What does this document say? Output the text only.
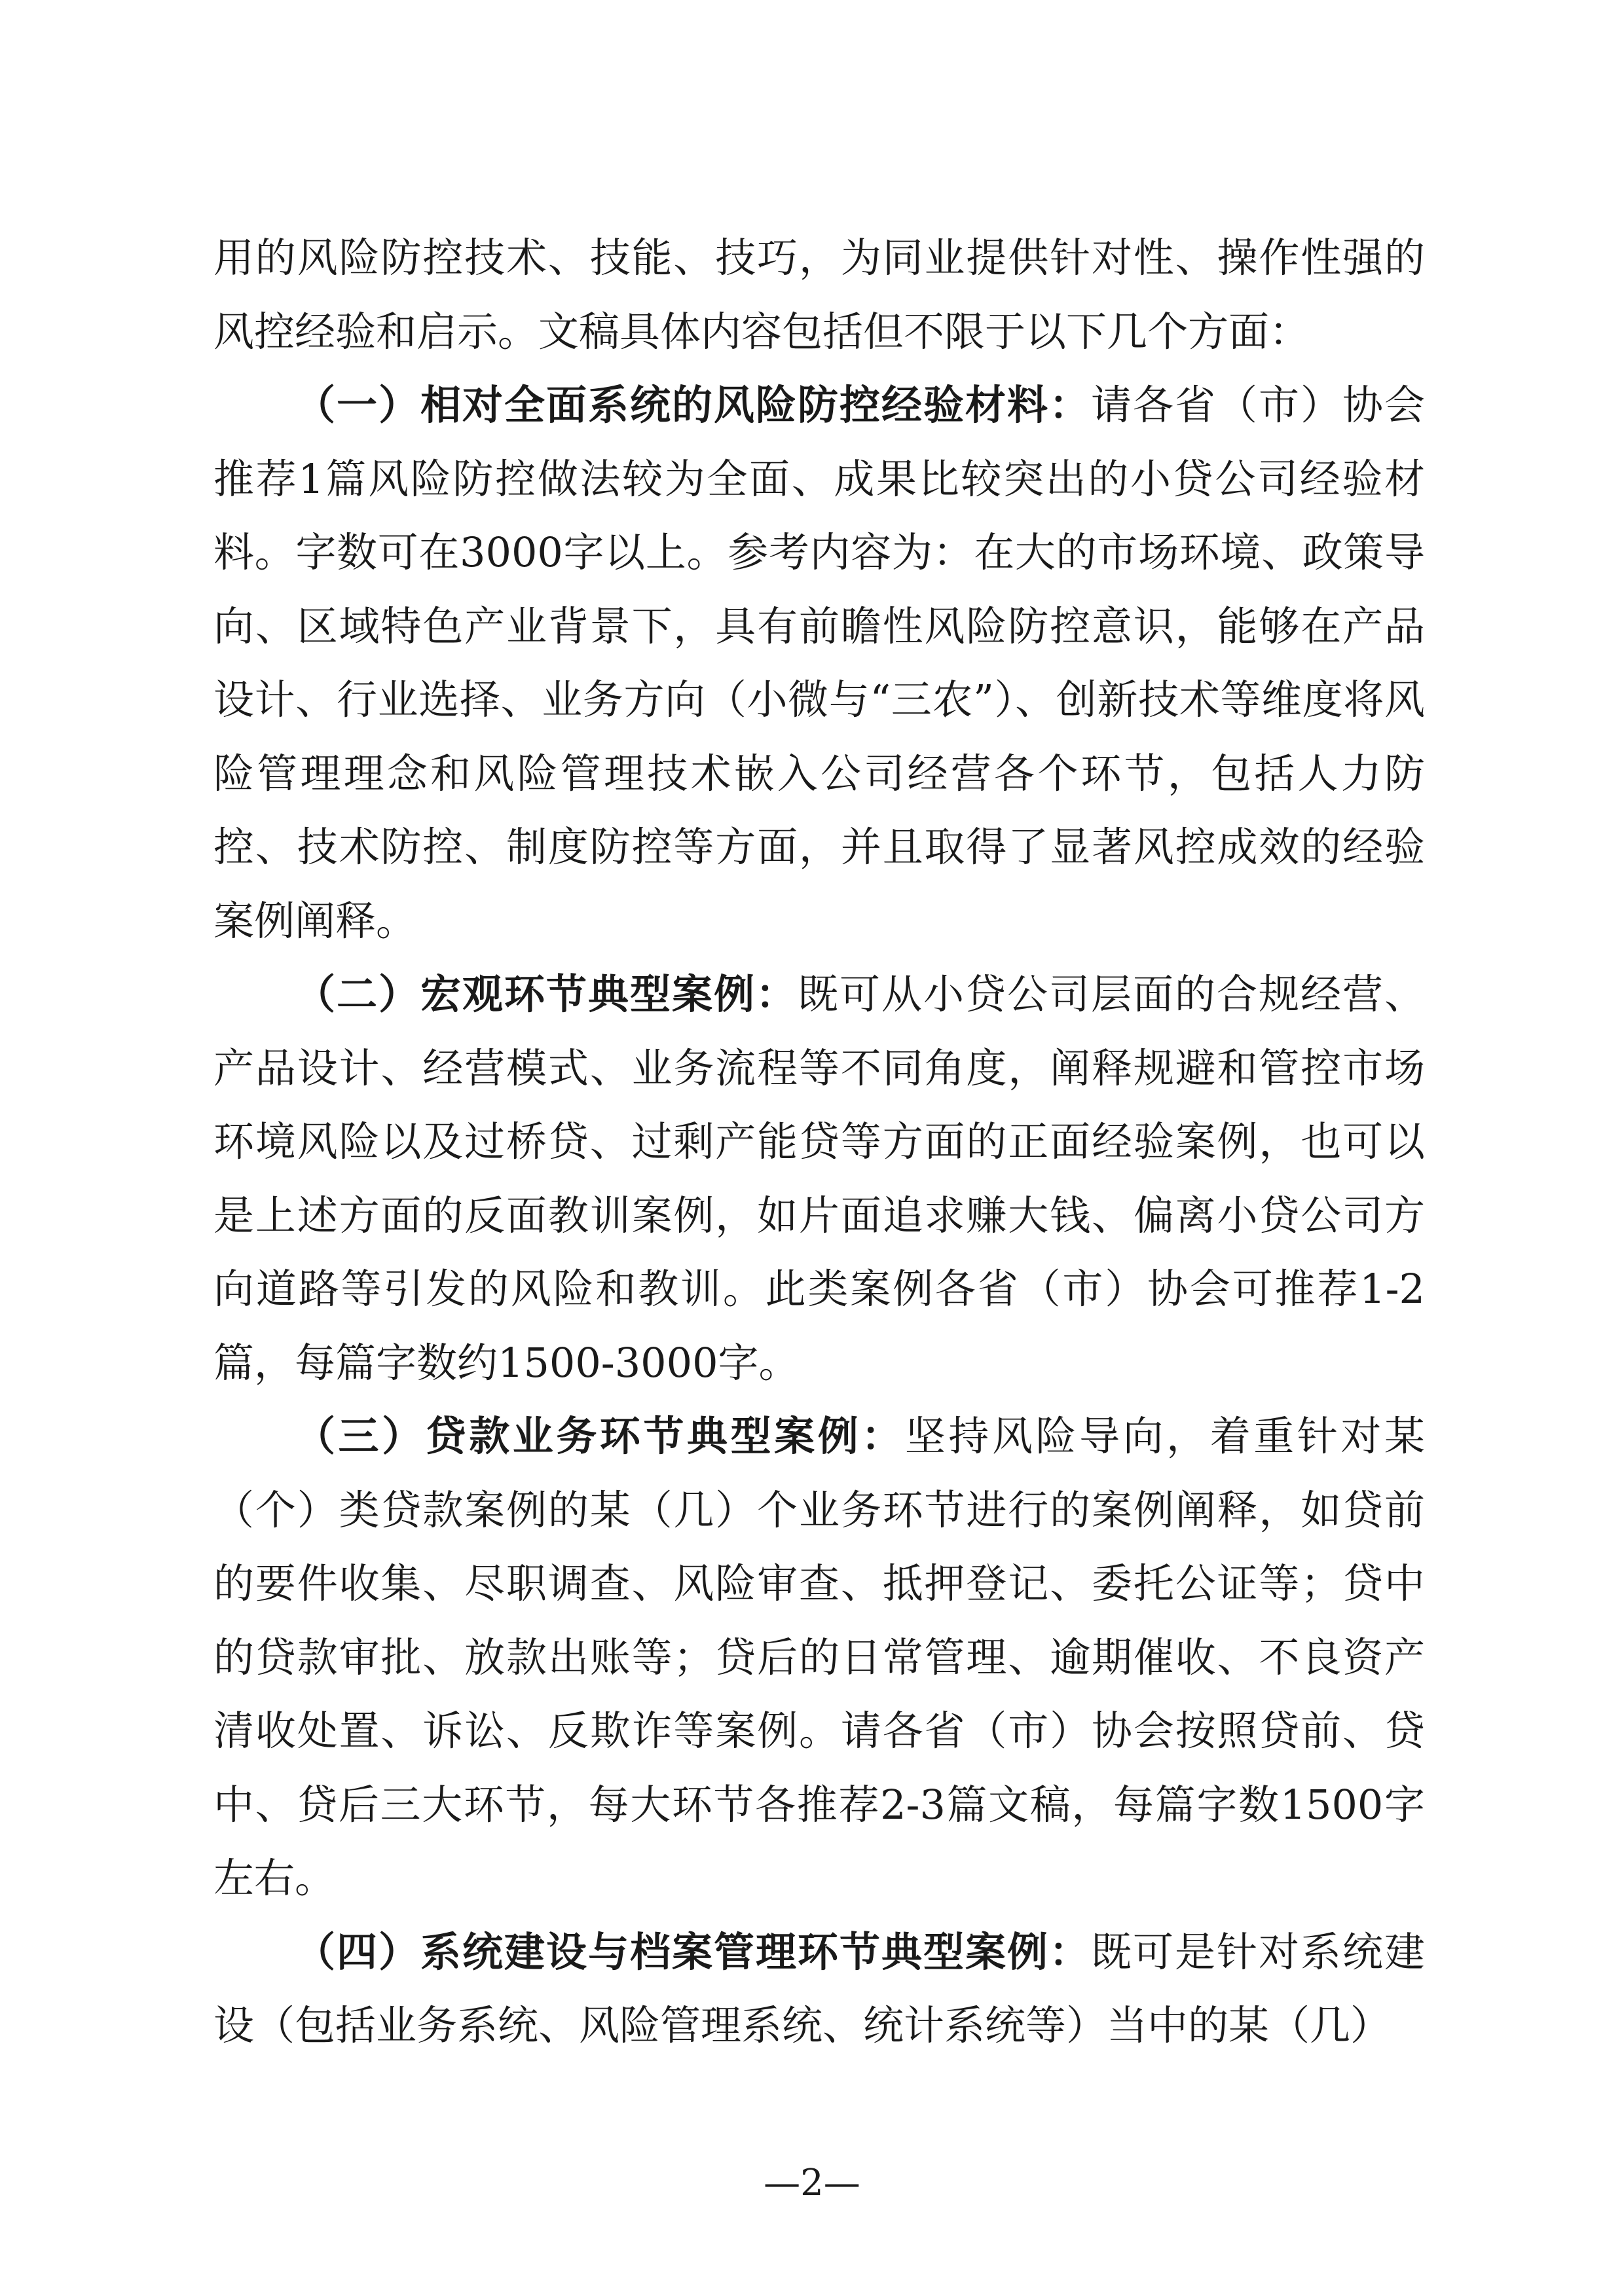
用的风险防控技术、技能、技巧，为同业提供针对性、操作性强的风控经验和启示。文稿具体内容包括但不限于以下几个方面：

（一）相对全面系统的风险防控经验材料：请各省（市）协会推荐1篇风险防控做法较为全面、成果比较突出的小贷公司经验材料。字数可在3000字以上。参考内容为：在大的市场环境、政策导向、区域特色产业背景下，具有前瞻性风险防控意识，能够在产品设计、行业选择、业务方向（小微与“三农”）、创新技术等维度将风险管理理念和风险管理技术嵌入公司经营各个环节，包括人力防控、技术防控、制度防控等方面，并且取得了显著风控成效的经验案例阐释。

（二）宏观环节典型案例：既可从小贷公司层面的合规经营、产品设计、经营模式、业务流程等不同角度，阐释规避和管控市场环境风险以及过桥贷、过剩产能贷等方面的正面经验案例，也可以是上述方面的反面教训案例，如片面追求赚大钱、偏离小贷公司方向道路等引发的风险和教训。此类案例各省（市）协会可推荐1-2篇，每篇字数约1500-3000字。

（三）贷款业务环节典型案例：坚持风险导向，着重针对某（个）类贷款案例的某（几）个业务环节进行的案例阐释，如贷前的要件收集、尽职调查、风险审查、抵押登记、委托公证等；贷中的贷款审批、放款出账等；贷后的日常管理、逾期催收、不良资产清收处置、诉讼、反欺诈等案例。请各省（市）协会按照贷前、贷中、贷后三大环节，每大环节各推荐2-3篇文稿，每篇字数1500字左右。

（四）系统建设与档案管理环节典型案例：既可是针对系统建设（包括业务系统、风险管理系统、统计系统等）当中的某（几）

—2—
